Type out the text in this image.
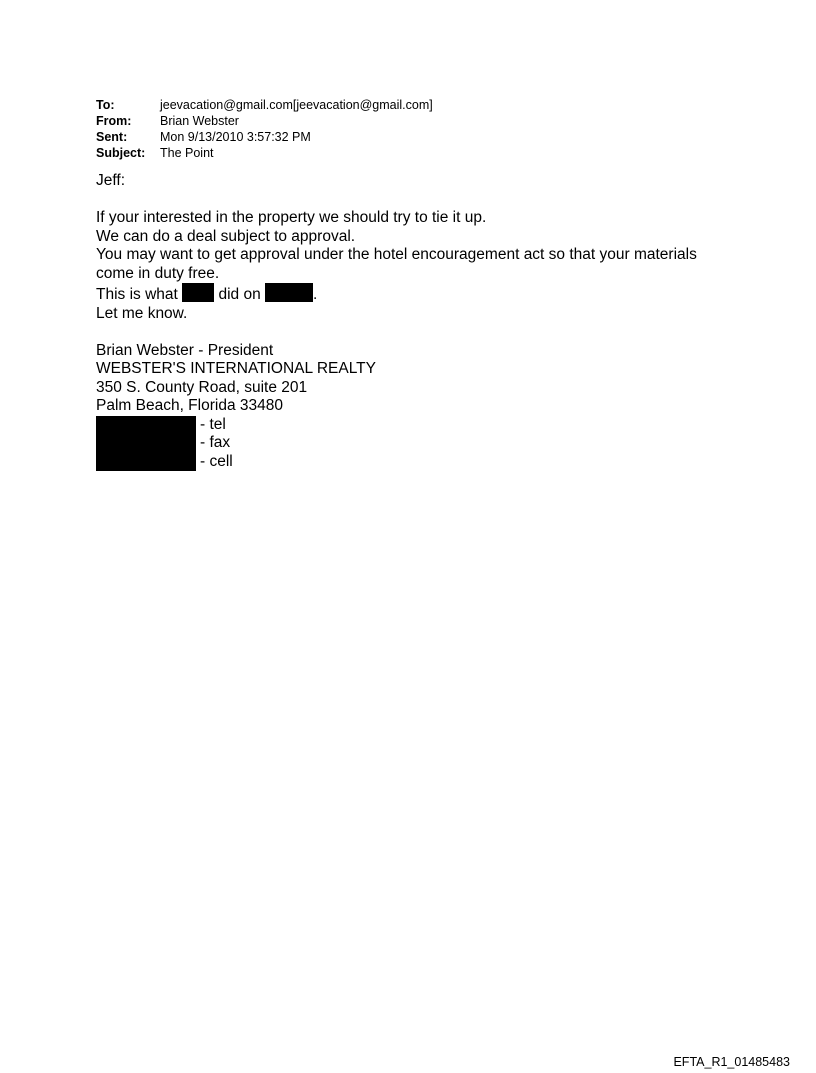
To:	jeevacation@gmail.com[jeevacation@gmail.com]
From:	Brian Webster
Sent:	Mon 9/13/2010 3:57:32 PM
Subject:	The Point
Jeff:
If your interested in the property we should try to tie it up.
We can do a deal subject to approval.
You may want to get approval under the hotel encouragement act so that your materials
come in duty free.
This is what	did on	.
Let me know.
Brian Webster - President
WEBSTER'S INTERNATIONAL REALTY
350 S. County Road, suite 201
Palm Beach, Florida 33480
- tel
- fax
- cell
EFTA_R1_01485483
